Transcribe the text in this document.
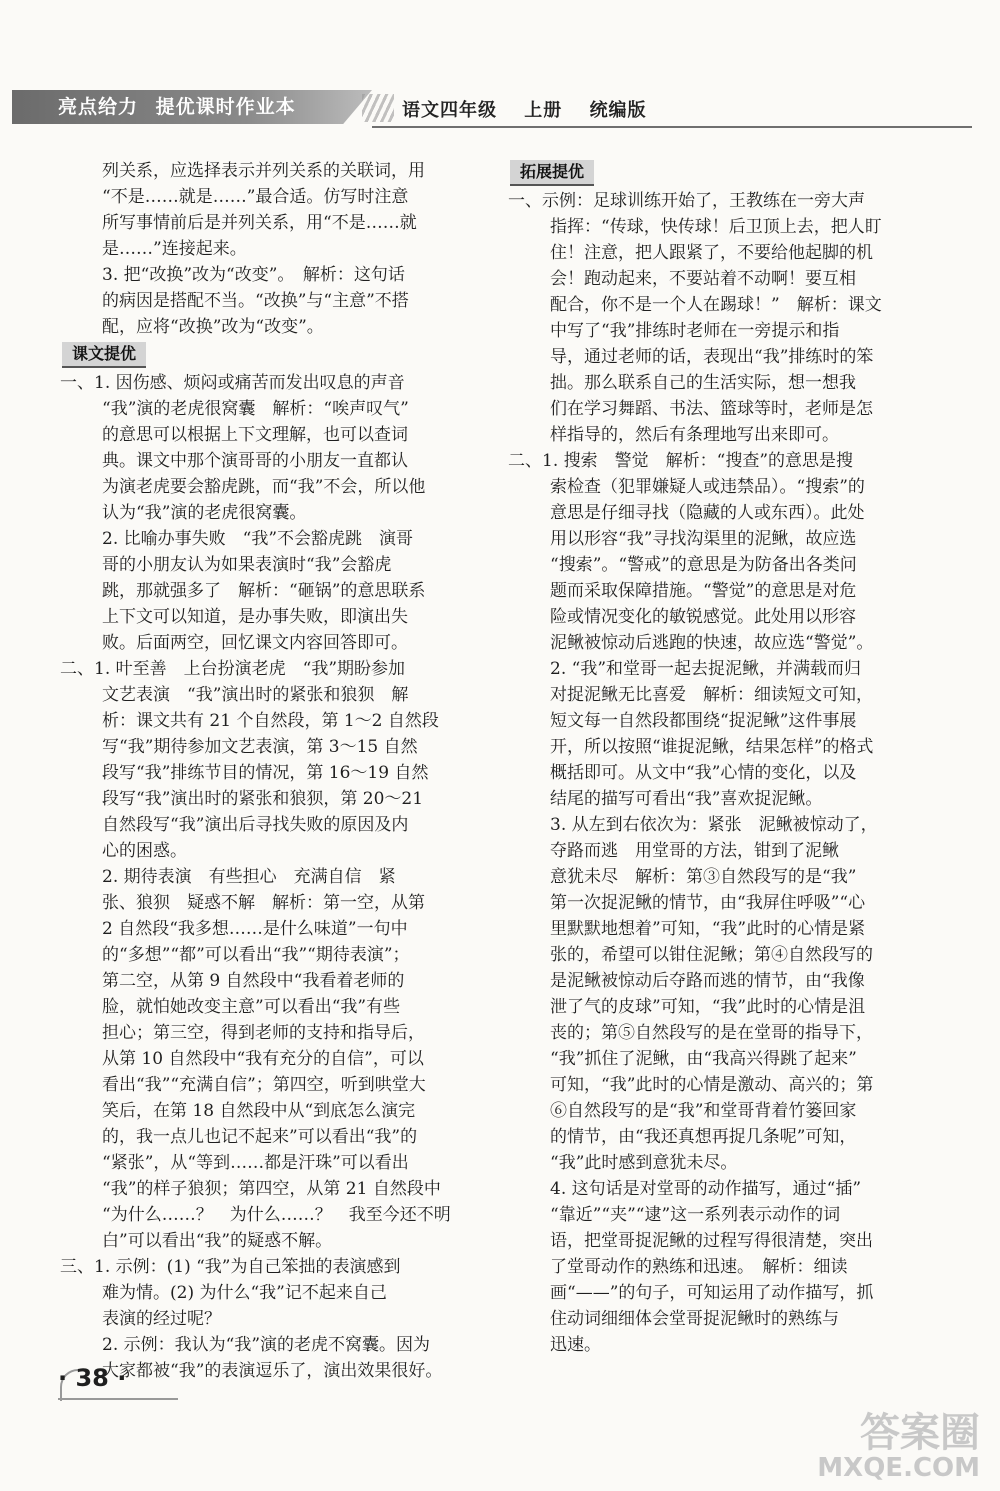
亮点给力 提优课时作业本	语文四年级 上册 统编版

列关系，应选择表示并列关系的关联词，用

“不是……就是……”最合适。仿写时注意

所写事情前后是并列关系，用“不是……就

是……”连接起来。

3. 把“改换”改为“改变”。　解析：这句话

的病因是搭配不当。“改换”与“主意”不搭

配，应将“改换”改为“改变”。

课文提优

一、1. 因伤感、烦闷或痛苦而发出叹息的声音

“我”演的老虎很窝囊　解析：“唉声叹气”

的意思可以根据上下文理解，也可以查词

典。课文中那个演哥哥的小朋友一直都认

为演老虎要会豁虎跳，而“我”不会，所以他

认为“我”演的老虎很窝囊。

2. 比喻办事失败　“我”不会豁虎跳　演哥

哥的小朋友认为如果表演时“我”会豁虎

跳，那就强多了　解析：“砸锅”的意思联系

上下文可以知道，是办事失败，即演出失

败。后面两空，回忆课文内容回答即可。

二、1. 叶至善　上台扮演老虎　“我”期盼参加

文艺表演　“我”演出时的紧张和狼狈　解

析：课文共有 21 个自然段，第 1～2 自然段

写“我”期待参加文艺表演，第 3～15 自然

段写“我”排练节目的情况，第 16～19 自然

段写“我”演出时的紧张和狼狈，第 20～21

自然段写“我”演出后寻找失败的原因及内

心的困惑。

2. 期待表演　有些担心　充满自信　紧

张、狼狈　疑惑不解　解析：第一空，从第

2 自然段“我多想……是什么味道”一句中

的“多想”“都”可以看出“我”“期待表演”；

第二空，从第 9 自然段中“我看着老师的

脸，就怕她改变主意”可以看出“我”有些

担心；第三空，得到老师的支持和指导后，

从第 10 自然段中“我有充分的自信”，可以

看出“我”“充满自信”；第四空，听到哄堂大

笑后，在第 18 自然段中从“到底怎么演完

的，我一点儿也记不起来”可以看出“我”的

“紧张”，从“等到……都是汗珠”可以看出

“我”的样子狼狈；第四空，从第 21 自然段中

“为什么……？　为什么……？　我至今还不明

白”可以看出“我”的疑惑不解。

三、1. 示例：(1) “我”为自己笨拙的表演感到

难为情。(2) 为什么“我”记不起来自己

表演的经过呢？

2. 示例：我认为“我”演的老虎不窝囊。因为

大家都被“我”的表演逗乐了，演出效果很好。

拓展提优

一、示例：足球训练开始了，王教练在一旁大声

指挥：“传球，快传球！后卫顶上去，把人盯

住！注意，把人跟紧了，不要给他起脚的机

会！跑动起来，不要站着不动啊！要互相

配合，你不是一个人在踢球！”　解析：课文

中写了“我”排练时老师在一旁提示和指

导，通过老师的话，表现出“我”排练时的笨

拙。那么联系自己的生活实际，想一想我

们在学习舞蹈、书法、篮球等时，老师是怎

样指导的，然后有条理地写出来即可。

二、1. 搜索　警觉　解析：“搜查”的意思是搜

索检查（犯罪嫌疑人或违禁品）。“搜索”的

意思是仔细寻找（隐藏的人或东西）。此处

用以形容“我”寻找沟渠里的泥鳅，故应选

“搜索”。“警戒”的意思是为防备出各类问

题而采取保障措施。“警觉”的意思是对危

险或情况变化的敏锐感觉。此处用以形容

泥鳅被惊动后逃跑的快速，故应选“警觉”。

2. “我”和堂哥一起去捉泥鳅，并满载而归

对捉泥鳅无比喜爱　解析：细读短文可知，

短文每一自然段都围绕“捉泥鳅”这件事展

开，所以按照“谁捉泥鳅，结果怎样”的格式

概括即可。从文中“我”心情的变化，以及

结尾的描写可看出“我”喜欢捉泥鳅。

3. 从左到右依次为：紧张　泥鳅被惊动了，

夺路而逃　用堂哥的方法，钳到了泥鳅

意犹未尽　解析：第③自然段写的是“我”

第一次捉泥鳅的情节，由“我屏住呼吸”“心

里默默地想着”可知，“我”此时的心情是紧

张的，希望可以钳住泥鳅；第④自然段写的

是泥鳅被惊动后夺路而逃的情节，由“我像

泄了气的皮球”可知，“我”此时的心情是沮

丧的；第⑤自然段写的是在堂哥的指导下，

“我”抓住了泥鳅，由“我高兴得跳了起来”

可知，“我”此时的心情是激动、高兴的；第

⑥自然段写的是“我”和堂哥背着竹篓回家

的情节，由“我还真想再捉几条呢”可知，

“我”此时感到意犹未尽。

4. 这句话是对堂哥的动作描写，通过“插”

“靠近”“夹”“逮”这一系列表示动作的词

语，把堂哥捉泥鳅的过程写得很清楚，突出

了堂哥动作的熟练和迅速。　解析：细读

画“——”的句子，可知运用了动作描写，抓

住动词细细体会堂哥捉泥鳅时的熟练与

迅速。

· 38 ·
答案圈
MXQE.COM
